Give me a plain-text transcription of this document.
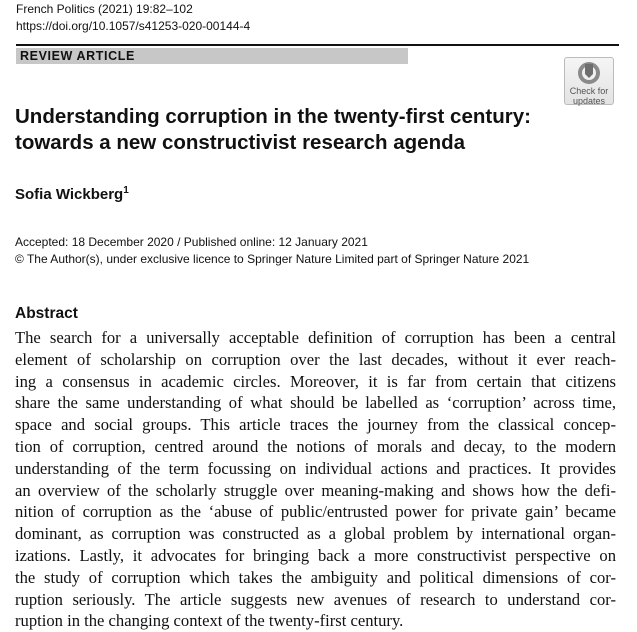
French Politics (2021) 19:82–102
https://doi.org/10.1057/s41253-020-00144-4
REVIEW ARTICLE
Check for
updates
Understanding corruption in the twenty-first century:
towards a new constructivist research agenda
Sofia Wickberg$^1$
Accepted: 18 December 2020 / Published online: 12 January 2021
© The Author(s), under exclusive licence to Springer Nature Limited part of Springer Nature 2021
Abstract
The search for a universally acceptable definition of corruption has been a central
element of scholarship on corruption over the last decades, without it ever reach-
ing a consensus in academic circles. Moreover, it is far from certain that citizens
share the same understanding of what should be labelled as ‘corruption’ across time,
space and social groups. This article traces the journey from the classical concep-
tion of corruption, centred around the notions of morals and decay, to the modern
understanding of the term focussing on individual actions and practices. It provides
an overview of the scholarly struggle over meaning-making and shows how the defi-
nition of corruption as the ‘abuse of public/entrusted power for private gain’ became
dominant, as corruption was constructed as a global problem by international organ-
izations. Lastly, it advocates for bringing back a more constructivist perspective on
the study of corruption which takes the ambiguity and political dimensions of cor-
ruption seriously. The article suggests new avenues of research to understand cor-
ruption in the changing context of the twenty-first century.
